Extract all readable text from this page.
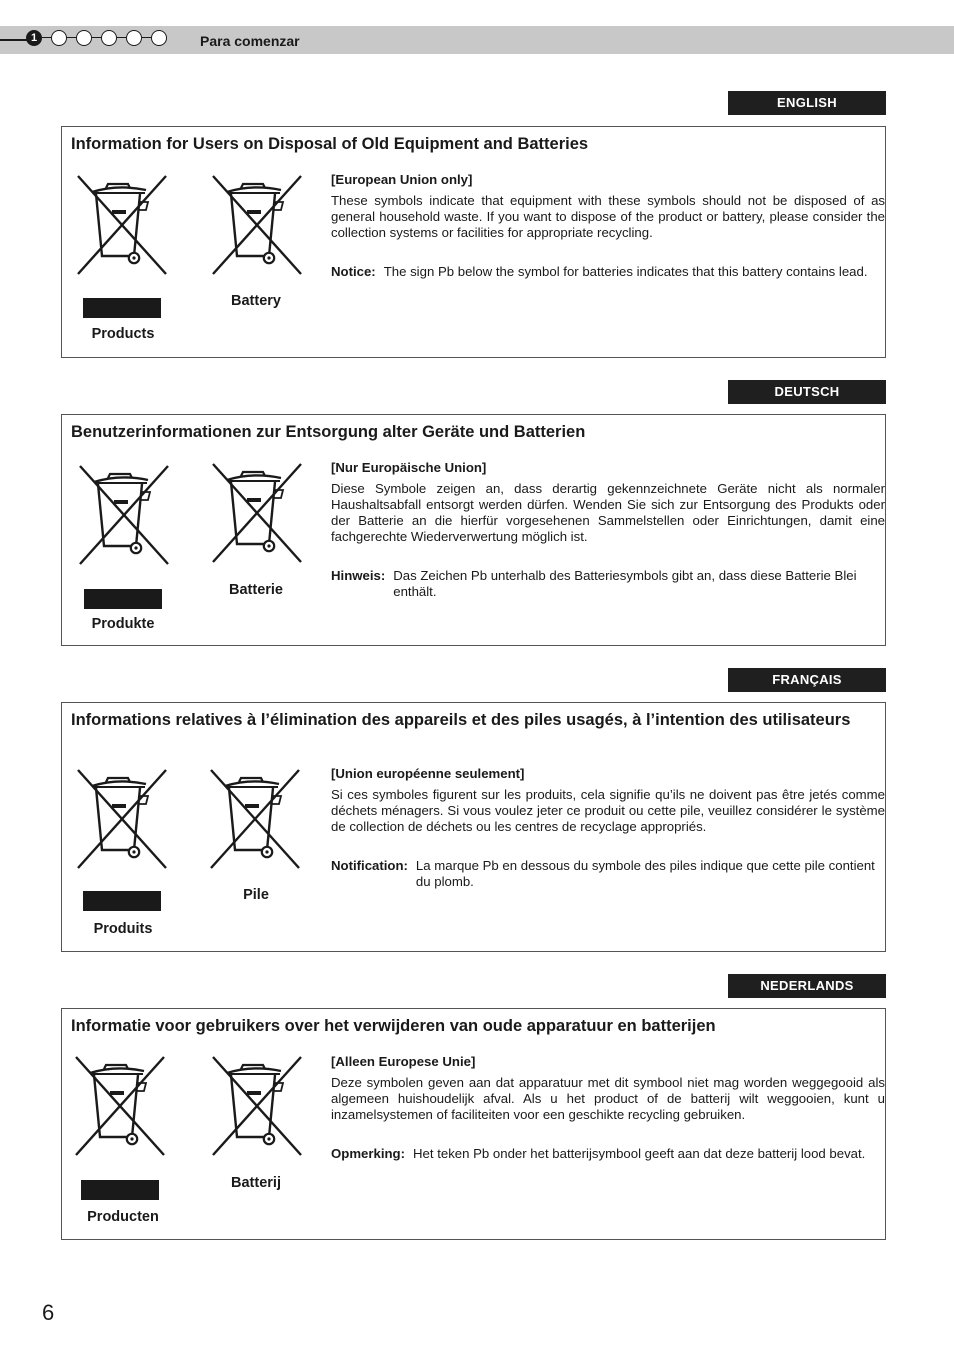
1	Para comenzar
ENGLISH
Information for Users on Disposal of Old Equipment and Batteries
Products
Battery
[European Union only]
These symbols indicate that equipment with these symbols should not be disposed of as general household waste. If you want to dispose of the product or battery, please consider the collection systems or facilities for appropriate recycling.
Notice: The sign Pb below the symbol for batteries indicates that this battery contains lead.
DEUTSCH
Benutzerinformationen zur Entsorgung alter Geräte und Batterien
Produkte
Batterie
[Nur Europäische Union]
Diese Symbole zeigen an, dass derartig gekennzeichnete Geräte nicht als normaler Haushaltsabfall entsorgt werden dürfen. Wenden Sie sich zur Entsorgung des Produkts oder der Batterie an die hierfür vorgesehenen Sammelstellen oder Einrichtungen, damit eine fachgerechte Wiederverwertung möglich ist.
Hinweis: Das Zeichen Pb unterhalb des Batteriesymbols gibt an, dass diese Batterie Blei enthält.
FRANÇAIS
Informations relatives à l’élimination des appareils et des piles usagés, à l’intention des utilisateurs
Produits
Pile
[Union européenne seulement]
Si ces symboles figurent sur les produits, cela signifie qu’ils ne doivent pas être jetés comme déchets ménagers. Si vous voulez jeter ce produit ou cette pile, veuillez considérer le système de collection de déchets ou les centres de recyclage appropriés.
Notification: La marque Pb en dessous du symbole des piles indique que cette pile contient du plomb.
NEDERLANDS
Informatie voor gebruikers over het verwijderen van oude apparatuur en batterijen
Producten
Batterij
[Alleen Europese Unie]
Deze symbolen geven aan dat apparatuur met dit symbool niet mag worden weggegooid als algemeen huishoudelijk afval. Als u het product of de batterij wilt weggooien, kunt u inzamelsystemen of faciliteiten voor een geschikte recycling gebruiken.
Opmerking: Het teken Pb onder het batterijsymbool geeft aan dat deze batterij lood bevat.
6
